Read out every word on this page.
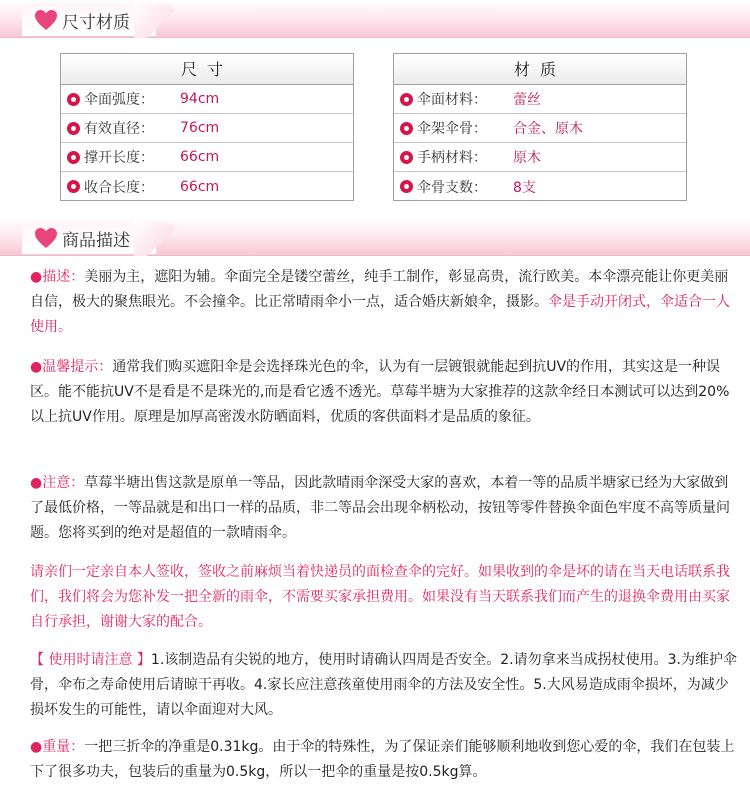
尺寸材质
尺寸
伞面弧度：	94cm
有效直径：	76cm
撑开长度：	66cm
收合长度：	66cm
材质
伞面材料：	蕾丝
伞架伞骨：	合金、原木
手柄材料：	原木
伞骨支数：	8支
商品描述

●描述：美丽为主，遮阳为辅。伞面完全是镂空蕾丝，纯手工制作，彰显高贵，流行欧美。本伞漂亮能让你更美丽自信，极大的聚焦眼光。不会撞伞。比正常晴雨伞小一点，适合婚庆新娘伞，摄影。伞是手动开闭式，伞适合一人使用。

●温馨提示：通常我们购买遮阳伞是会选择珠光色的伞，认为有一层镀银就能起到抗UV的作用，其实这是一种误区。能不能抗UV不是看是不是珠光的,而是看它透不透光。草莓半塘为大家推荐的这款伞经日本测试可以达到20%以上抗UV作用。原理是加厚高密泼水防晒面料，优质的客供面料才是品质的象征。

●注意：草莓半塘出售这款是原单一等品，因此款晴雨伞深受大家的喜欢，本着一等的品质半塘家已经为大家做到了最低价格，一等品就是和出口一样的品质，非二等品会出现伞柄松动，按钮等零件替换伞面色牢度不高等质量问题。您将买到的绝对是超值的一款晴雨伞。

请亲们一定亲自本人签收，签收之前麻烦当着快递员的面检查伞的完好。如果收到的伞是坏的请在当天电话联系我们，我们将会为您补发一把全新的雨伞，不需要买家承担费用。如果没有当天联系我们而产生的退换伞费用由买家自行承担，谢谢大家的配合。

【 使用时请注意 】1.该制造品有尖锐的地方，使用时请确认四周是否安全。2.请勿拿来当成拐杖使用。3.为维护伞骨，伞布之寿命使用后请晾干再收。4.家长应注意孩童使用雨伞的方法及安全性。5.大风易造成雨伞损坏，为减少损坏发生的可能性，请以伞面迎对大风。

●重量：一把三折伞的净重是0.31kg。由于伞的特殊性，为了保证亲们能够顺利地收到您心爱的伞，我们在包装上下了很多功夫，包装后的重量为0.5kg，所以一把伞的重量是按0.5kg算。
